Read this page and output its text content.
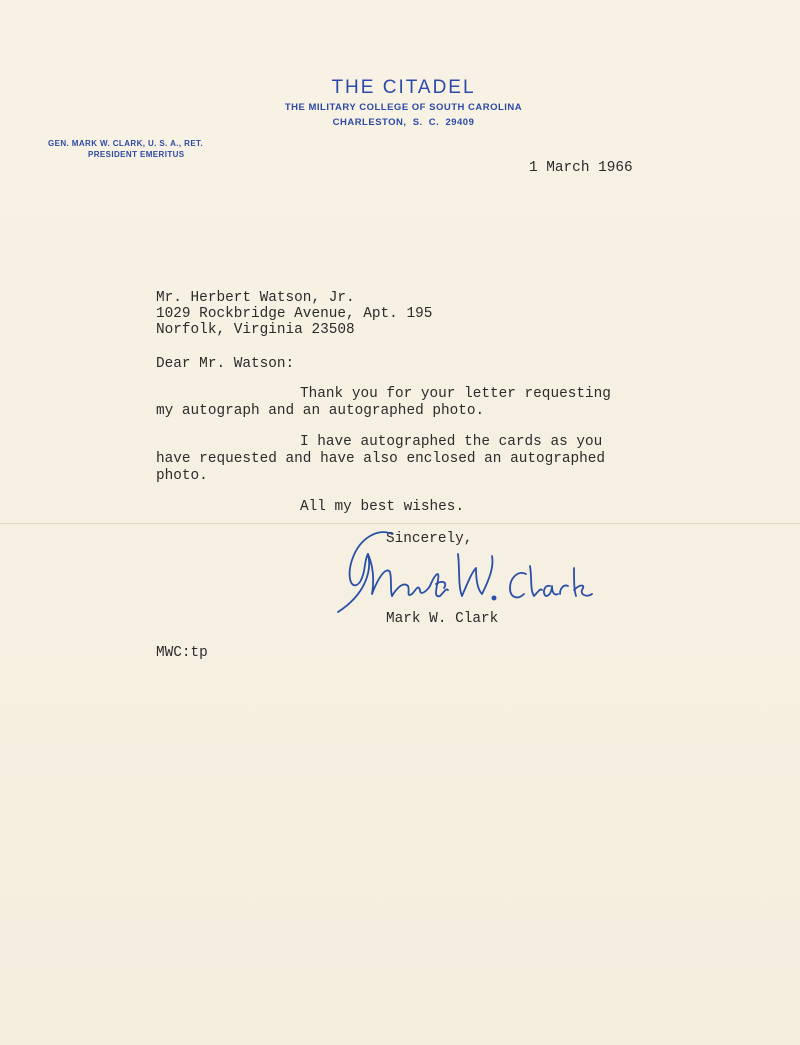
THE CITADEL
THE MILITARY COLLEGE OF SOUTH CAROLINA
CHARLESTON, S. C. 29409
GEN. MARK W. CLARK, U. S. A., RET.
PRESIDENT EMERITUS
1 March 1966
Mr. Herbert Watson, Jr.
1029 Rockbridge Avenue, Apt. 195
Norfolk, Virginia 23508
Dear Mr. Watson:
Thank you for your letter requesting
my autograph and an autographed photo.
I have autographed the cards as you
have requested and have also enclosed an autographed
photo.
All my best wishes.
Sincerely,
Mark W. Clark
MWC:tp
